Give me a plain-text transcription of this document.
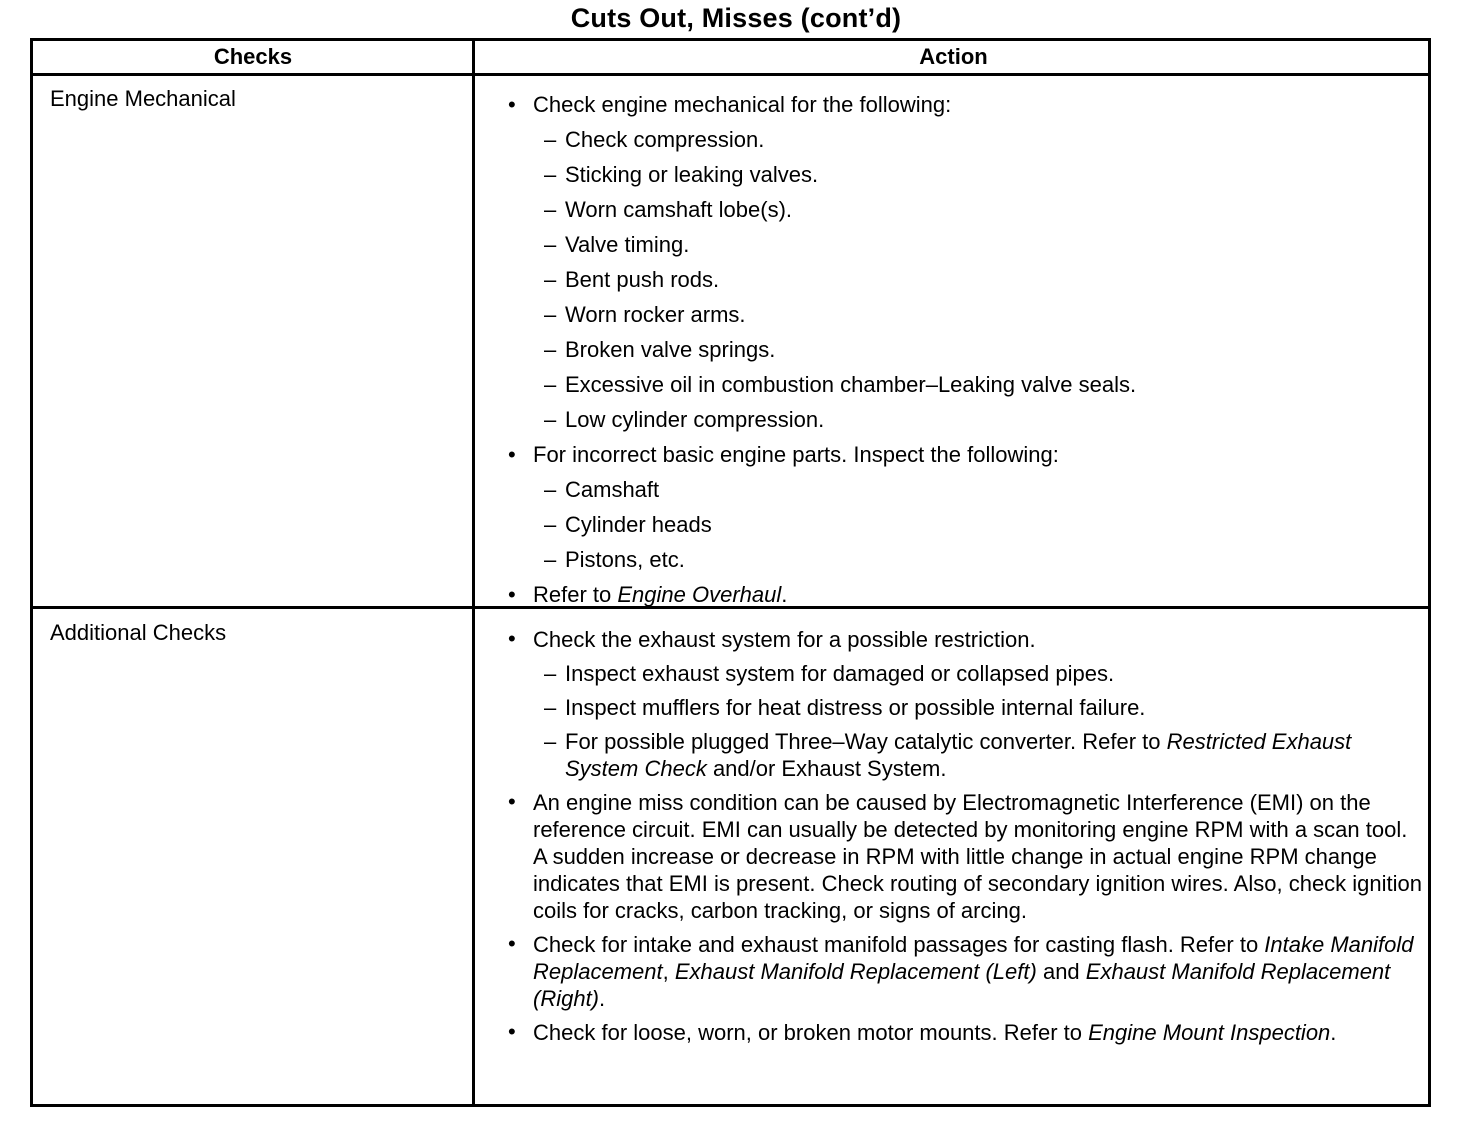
Cuts Out, Misses (cont’d)
Checks	Action
Engine Mechanical	• Check engine mechanical for the following:
– Check compression.
– Sticking or leaking valves.
– Worn camshaft lobe(s).
– Valve timing.
– Bent push rods.
– Worn rocker arms.
– Broken valve springs.
– Excessive oil in combustion chamber–Leaking valve seals.
– Low cylinder compression.
• For incorrect basic engine parts. Inspect the following:
– Camshaft
– Cylinder heads
– Pistons, etc.
• Refer to Engine Overhaul.
Additional Checks	• Check the exhaust system for a possible restriction.
– Inspect exhaust system for damaged or collapsed pipes.
– Inspect mufflers for heat distress or possible internal failure.
– For possible plugged Three–Way catalytic converter. Refer to Restricted Exhaust System Check and/or Exhaust System.
• An engine miss condition can be caused by Electromagnetic Interference (EMI) on the reference circuit. EMI can usually be detected by monitoring engine RPM with a scan tool. A sudden increase or decrease in RPM with little change in actual engine RPM change indicates that EMI is present. Check routing of secondary ignition wires. Also, check ignition coils for cracks, carbon tracking, or signs of arcing.
• Check for intake and exhaust manifold passages for casting flash. Refer to Intake Manifold Replacement, Exhaust Manifold Replacement (Left) and Exhaust Manifold Replacement (Right).
• Check for loose, worn, or broken motor mounts. Refer to Engine Mount Inspection.
